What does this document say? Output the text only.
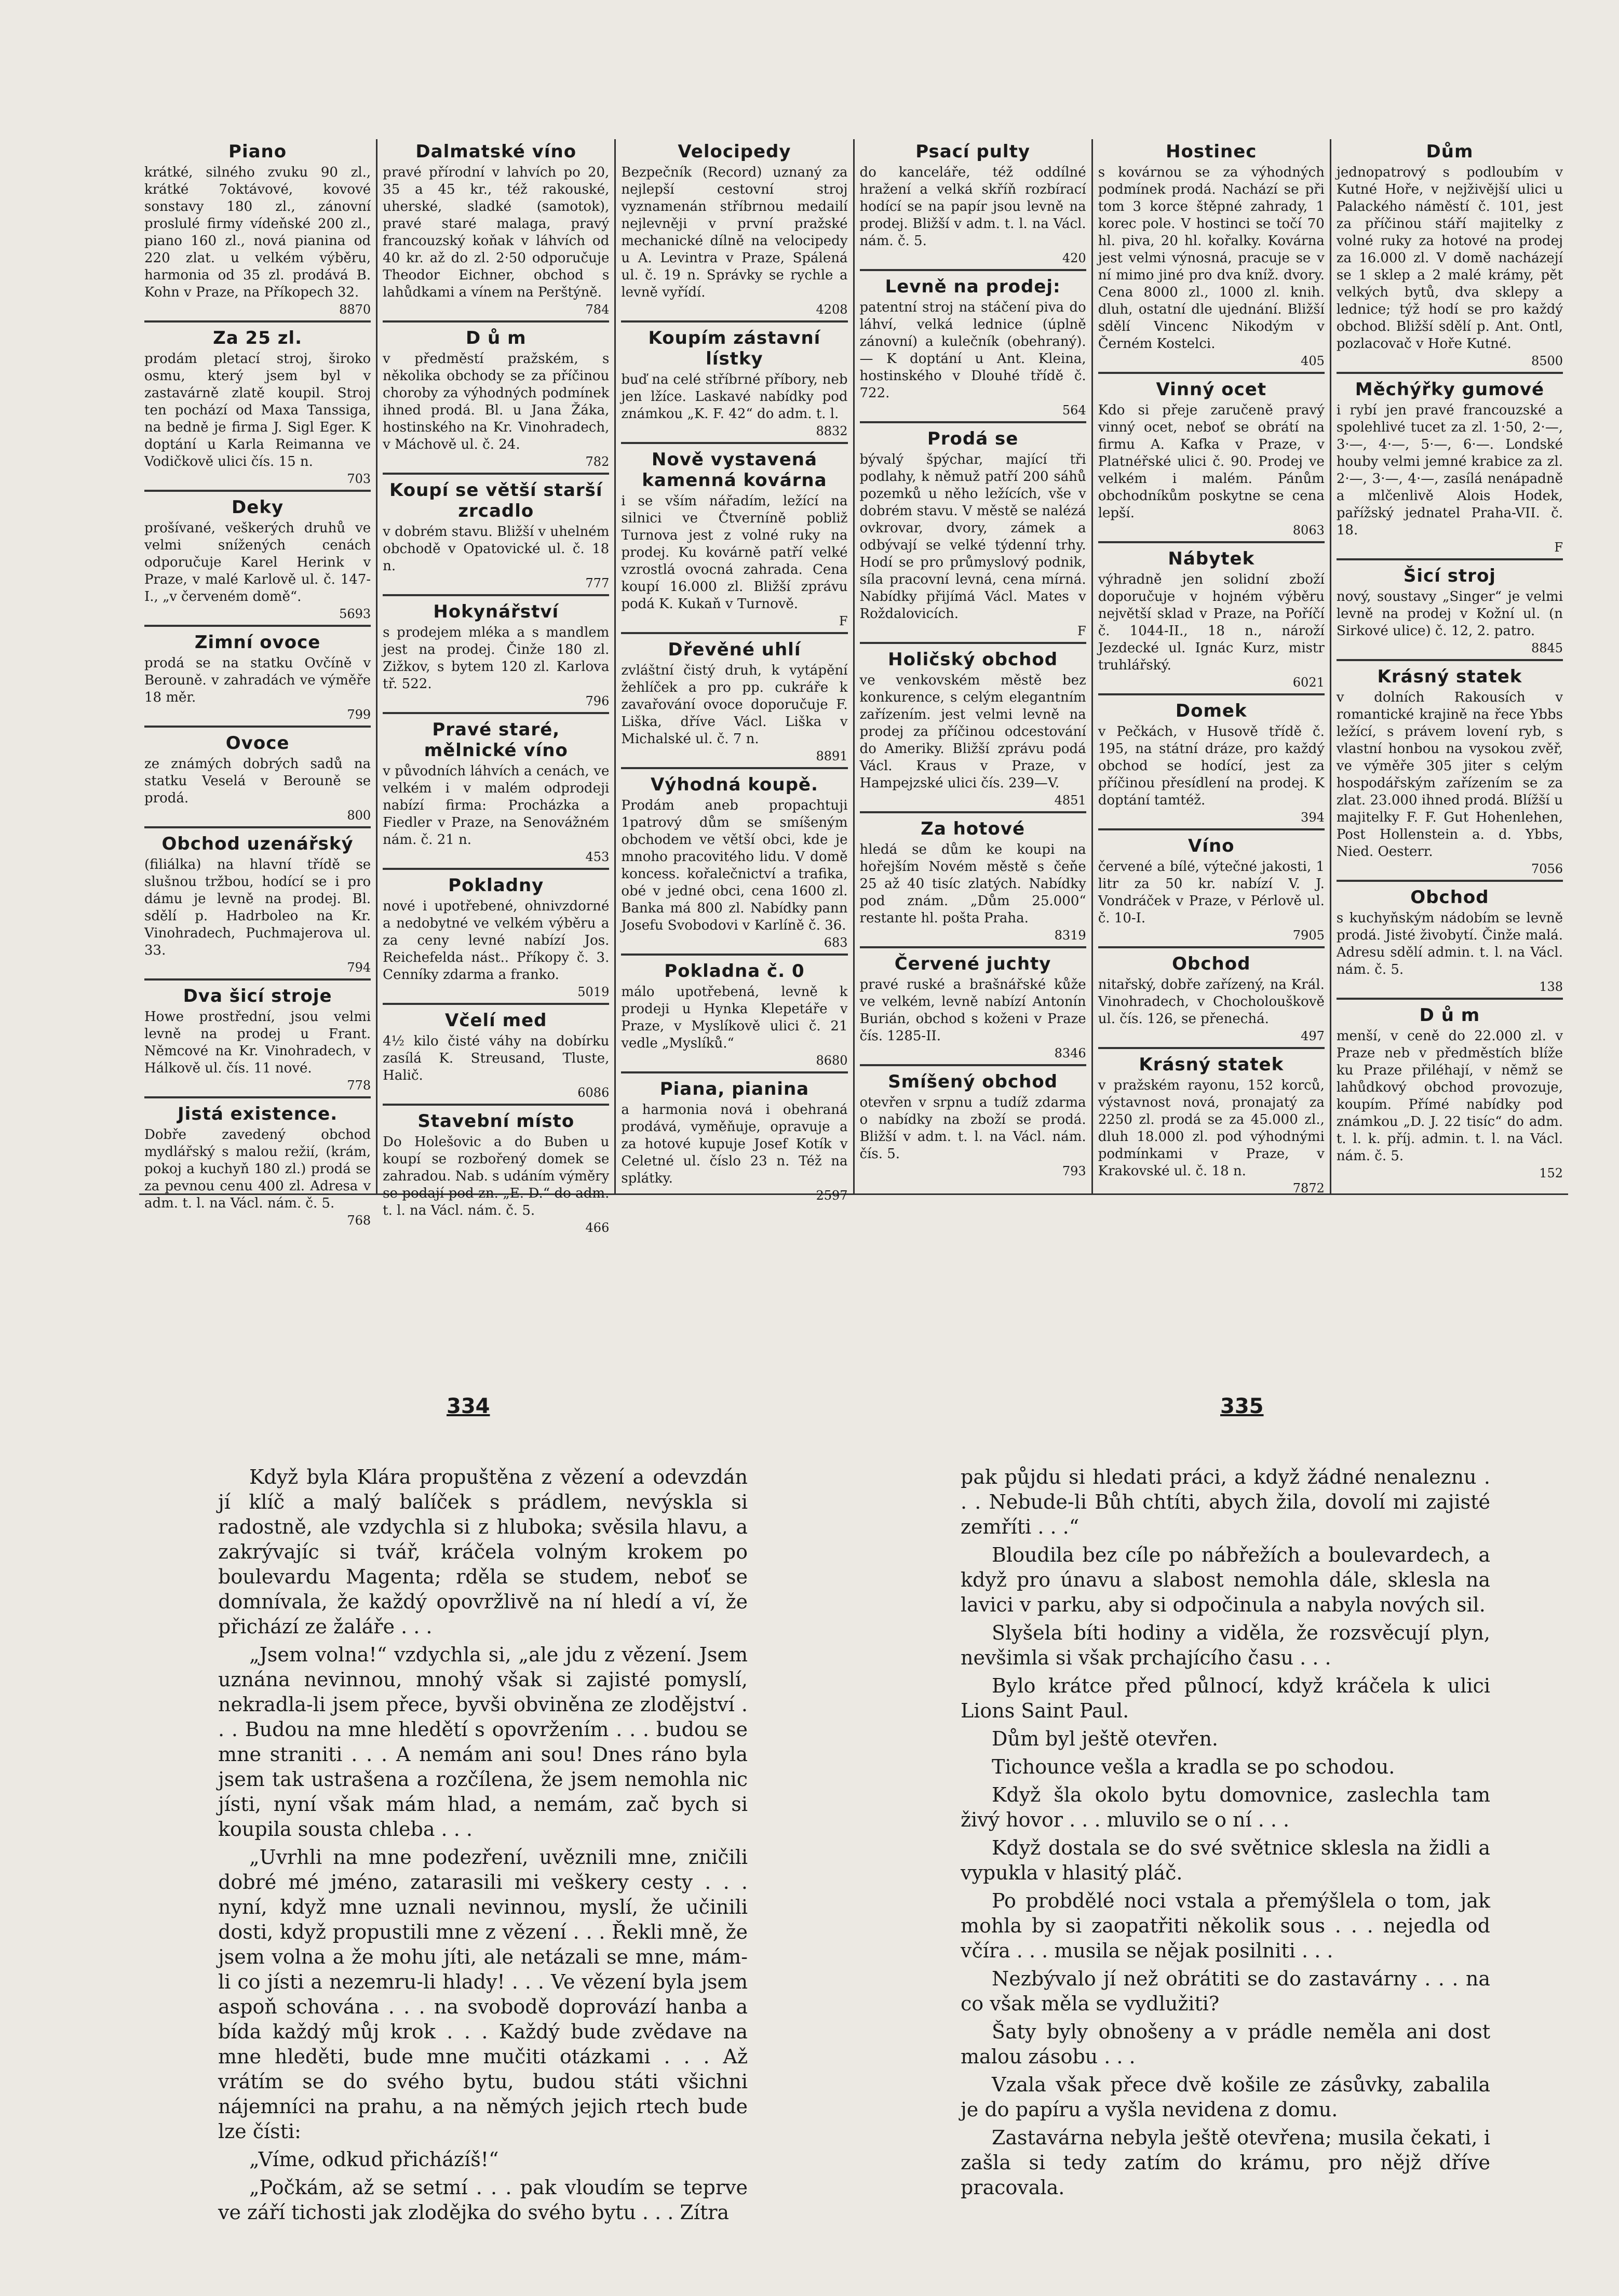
Piano

krátké, silného zvuku 90 zl., krátké 7oktávové, kovové sonstavy 180 zl., zánovní proslulé firmy vídeňské 200 zl., piano 160 zl., nová pianina od 220 zlat. u velkém výběru, harmonia od 35 zl. prodává B. Kohn v Praze, na Příkopech 32.
8870

Za 25 zl.

prodám pletací stroj, široko osmu, který jsem byl v zastavárně zlatě koupil. Stroj ten pochází od Maxa Tanssiga, na bedně je firma J. Sigl Eger. K doptání u Karla Reimanna ve Vodičkově ulici čís. 15 n.
703

Deky

prošívané, veškerých druhů ve velmi snížených cenách odporučuje Karel Herink v Praze, v malé Karlově ul. č. 147-I., „v červeném domě“.
5693

Zimní ovoce

prodá se na statku Ovčíně v Berouně. v zahradách ve výměře 18 měr.
799

Ovoce

ze známých dobrých sadů na statku Veselá v Berouně se prodá.
800

Obchod uzenářský

(filiálka) na hlavní třídě se slušnou tržbou, hodící se i pro dámu je levně na prodej. Bl. sdělí p. Hadrboleo na Kr. Vinohradech, Puchmajerova ul. 33.
794

Dva šicí stroje

Howe prostřední, jsou velmi levně na prodej u Frant. Němcové na Kr. Vinohradech, v Hálkově ul. čís. 11 nové.
778

Jistá existence.

Dobře zavedený obchod mydlářský s malou režií, (krám, pokoj a kuchyň 180 zl.) prodá se za pevnou cenu 400 zl. Adresa v adm. t. l. na Václ. nám. č. 5.
768

Dalmatské víno

pravé přírodní v lahvích po 20, 35 a 45 kr., též rakouské, uherské, sladké (samotok), pravé staré malaga, pravý francouzský koňak v láhvích od 40 kr. až do zl. 2·50 odporučuje Theodor Eichner, obchod s lahůdkami a vínem na Perštýně.
784

D ů m

v předměstí pražském, s několika obchody se za příčinou choroby za výhodných podmínek ihned prodá. Bl. u Jana Žáka, hostinského na Kr. Vinohradech, v Máchově ul. č. 24.
782

Koupí se větší starší zrcadlo

v dobrém stavu. Bližší v uhelném obchodě v Opatovické ul. č. 18 n.
777

Hokynářství

s prodejem mléka a s mandlem jest na prodej. Činže 180 zl. Zižkov, s bytem 120 zl. Karlova tř. 522.
796

Pravé staré, mělnické víno

v původních láhvích a cenách, ve velkém i v malém odprodeji nabízí firma: Procházka a Fiedler v Praze, na Senovážném nám. č. 21 n.
453

Pokladny

nové i upotřebené, ohnivzdorné a nedobytné ve velkém výběru a za ceny levné nabízí Jos. Reichefelda nást.. Příkopy č. 3. Cenníky zdarma a franko.
5019

Včelí med

4½ kilo čisté váhy na dobírku zasílá K. Streusand, Tluste, Halič.
6086

Stavební místo

Do Holešovic a do Buben u koupí se rozbořený domek se zahradou. Nab. s udáním výměry se podají pod zn. „E. D.“ do adm. t. l. na Václ. nám. č. 5.
466

Velocipedy

Bezpečník (Record) uznaný za nejlepší cestovní stroj vyznamenán stříbrnou medailí nejlevněji v první pražské mechanické dílně na velocipedy u A. Levintra v Praze, Spálená ul. č. 19 n. Správky se rychle a levně vyřídí.
4208

Koupím zástavní lístky

buď na celé stříbrné příbory, neb jen lžíce. Laskavé nabídky pod známkou „K. F. 42“ do adm. t. l.
8832

Nově vystavená kamenná kovárna

i se vším nářadím, ležící na silnici ve Čtverníně pobliž Turnova jest z volné ruky na prodej. Ku kovárně patří velké vzrostlá ovocná zahrada. Cena koupí 16.000 zl. Bližší zprávu podá K. Kukaň v Turnově.
F

Dřevěné uhlí

zvláštní čistý druh, k vytápění žehlíček a pro pp. cukráře k zavařování ovoce doporučuje F. Liška, dříve Václ. Liška v Michalské ul. č. 7 n.
8891

Výhodná koupě.

Prodám aneb propachtuji 1patrový dům se smíšeným obchodem ve větší obci, kde je mnoho pracovitého lidu. V domě koncess. kořalečnictví a trafika, obé v jedné obci, cena 1600 zl. Banka má 800 zl. Nabídky pann Josefu Svobodovi v Karlíně č. 36.
683

Pokladna č. 0

málo upotřebená, levně k prodeji u Hynka Klepetáře v Praze, v Myslíkově ulici č. 21 vedle „Myslíků.“
8680

Piana, pianina

a harmonia nová i obehraná prodává, vyměňuje, opravuje a za hotové kupuje Josef Kotík v Celetné ul. číslo 23 n. Též na splátky.
2597

Psací pulty

do kanceláře, též oddílné hražení a velká skříň rozbírací hodící se na papír jsou levně na prodej. Bližší v adm. t. l. na Václ. nám. č. 5.
420

Levně na prodej:

patentní stroj na stáčení piva do láhví, velká lednice (úplně zánovní) a kulečník (obehraný). — K doptání u Ant. Kleina, hostinského v Dlouhé třídě č. 722.
564

Prodá se

bývalý špýchar, mající tři podlahy, k němuž patří 200 sáhů pozemků u něho ležících, vše v dobrém stavu. V městě se nalézá ovkrovar, dvory, zámek a odbývají se velké týdenní trhy. Hodí se pro průmyslový podnik, síla pracovní levná, cena mírná. Nabídky přijímá Václ. Mates v Roždalovicích.
F

Holičský obchod

ve venkovském městě bez konkurence, s celým elegantním zařízením. jest velmi levně na prodej za příčinou odcestování do Ameriky. Bližší zprávu podá Václ. Kraus v Praze, v Hampejzské ulici čís. 239—V.
4851

Za hotové

hledá se dům ke koupi na hořejším Novém městě s čeňe 25 až 40 tisíc zlatých. Nabídky pod znám. „Dům 25.000“ restante hl. pošta Praha.
8319

Červené juchty

pravé ruské a brašnářské kůže ve velkém, levně nabízí Antonín Burián, obchod s koženi v Praze čís. 1285-II.
8346

Smíšený obchod

otevřen v srpnu a tudíž zdarma o nabídky na zboží se prodá. Bližší v adm. t. l. na Václ. nám. čís. 5.
793

Hostinec

s kovárnou se za výhodných podmínek prodá. Nachází se při tom 3 korce štěpné zahrady, 1 korec pole. V hostinci se točí 70 hl. piva, 20 hl. kořalky. Kovárna jest velmi výnosná, pracuje se v ní mimo jiné pro dva kníž. dvory. Cena 8000 zl., 1000 zl. knih. dluh, ostatní dle ujednání. Bližší sdělí Vincenc Nikodým v Černém Kostelci.
405

Vinný ocet

Kdo si přeje zaručeně pravý vinný ocet, neboť se obrátí na firmu A. Kafka v Praze, v Platnéřské ulici č. 90. Prodej ve velkém i malém. Pánům obchodníkům poskytne se cena lepší.
8063

Nábytek

výhradně jen solidní zboží doporučuje v hojném výběru největší sklad v Praze, na Poříčí č. 1044-II., 18 n., nároží Jezdecké ul. Ignác Kurz, mistr truhlářský.
6021

Domek

v Pečkách, v Husově třídě č. 195, na státní dráze, pro každý obchod se hodící, jest za příčinou přesídlení na prodej. K doptání tamtéž.
394

Víno

červené a bílé, výtečné jakosti, 1 litr za 50 kr. nabízí V. J. Vondráček v Praze, v Pérlově ul. č. 10-I.
7905

Obchod

nitařský, dobře zařízený, na Král. Vinohradech, v Chocholouškově ul. čís. 126, se přenechá.
497

Krásný statek

v pražském rayonu, 152 korců, výstavnost nová, pronajatý za 2250 zl. prodá se za 45.000 zl., dluh 18.000 zl. pod výhodnými podmínkami v Praze, v Krakovské ul. č. 18 n.
7872

Dům

jednopatrový s podloubím v Kutné Hoře, v nejživější ulici u Palackého náměstí č. 101, jest za příčinou stáří majitelky z volné ruky za hotové na prodej za 16.000 zl. V domě nacházejí se 1 sklep a 2 malé krámy, pět velkých bytů, dva sklepy a lednice; týž hodí se pro každý obchod. Bližší sdělí p. Ant. Ontl, pozlacovač v Hoře Kutné.
8500

Měchýřky gumové

i rybí jen pravé francouzské a spolehlivé tucet za zl. 1·50, 2·—, 3·—, 4·—, 5·—, 6·—. Londské houby velmi jemné krabice za zl. 2·—, 3·—, 4·—, zasílá nenápadně a mlčenlivě Alois Hodek, pařížský jednatel Praha-VII. č. 18.
F

Šicí stroj

nový, soustavy „Singer“ je velmi levně na prodej v Kožní ul. (n Sirkové ulice) č. 12, 2. patro.
8845

Krásný statek

v dolních Rakousích v romantické krajině na řece Ybbs ležící, s právem lovení ryb, s vlastní honbou na vysokou zvěř, ve výměře 305 jiter s celým hospodářským zařízením se za zlat. 23.000 ihned prodá. Blížší u majitelky F. F. Gut Hohenlehen, Post Hollenstein a. d. Ybbs, Nied. Oesterr.
7056

Obchod

s kuchyňským nádobím se levně prodá. Jisté živobytí. Činže malá. Adresu sdělí admin. t. l. na Václ. nám. č. 5.
138

D ů m

menší, v ceně do 22.000 zl. v Praze neb v předměstích blíže ku Praze přiléhají, v němž se lahůdkový obchod provozuje, koupím. Přímé nabídky pod známkou „D. J. 22 tisíc“ do adm. t. l. k. příj. admin. t. l. na Václ. nám. č. 5.
152

334	335

Když byla Klára propuštěna z vězení a odevzdán jí klíč a malý balíček s prádlem, nevýskla si radostně, ale vzdychla si z hluboka; svěsila hlavu, a zakrývajíc si tvář, kráčela volným krokem po boulevardu Magenta; rděla se studem, neboť se domnívala, že každý opovržlivě na ní hledí a ví, že přichází ze žaláře . . .

„Jsem volna!“ vzdychla si, „ale jdu z vězení. Jsem uznána nevinnou, mnohý však si zajisté pomyslí, nekradla-li jsem přece, byvši obviněna ze zlodějství . . . Budou na mne hledětí s opovržením . . . budou se mne straniti . . . A nemám ani sou! Dnes ráno byla jsem tak ustrašena a rozčílena, že jsem nemohla nic jísti, nyní však mám hlad, a nemám, zač bych si koupila sousta chleba . . .

„Uvrhli na mne podezření, uvěznili mne, zničili dobré mé jméno, zatarasili mi veškery cesty . . . nyní, když mne uznali nevinnou, myslí, že učinili dosti, když propustili mne z vězení . . . Řekli mně, že jsem volna a že mohu jíti, ale netázali se mne, mám-li co jísti a nezemru-li hlady! . . . Ve vězení byla jsem aspoň schována . . . na svobodě doprovází hanba a bída každý můj krok . . . Každý bude zvědave na mne hleděti, bude mne mučiti otázkami . . . Až vrátím se do svého bytu, budou státi všichni nájemníci na prahu, a na němých jejich rtech bude lze čísti:

„Víme, odkud přicházíš!“

„Počkám, až se setmí . . . pak vloudím se teprve ve září tichosti jak zlodějka do svého bytu . . . Zítra

pak půjdu si hledati práci, a když žádné nenaleznu . . . Nebude-li Bůh chtíti, abych žila, dovolí mi zajisté zemříti . . .“

Bloudila bez cíle po nábřežích a boulevardech, a když pro únavu a slabost nemohla dále, sklesla na lavici v parku, aby si odpočinula a nabyla nových sil.

Slyšela bíti hodiny a viděla, že rozsvěcují plyn, nevšimla si však prchajícího času . . .

Bylo krátce před půlnocí, když kráčela k ulici Lions Saint Paul.

Dům byl ještě otevřen.

Tichounce vešla a kradla se po schodou.

Když šla okolo bytu domovnice, zaslechla tam živý hovor . . . mluvilo se o ní . . .

Když dostala se do své světnice sklesla na židli a vypukla v hlasitý pláč.

Po probdělé noci vstala a přemýšlela o tom, jak mohla by si zaopatřiti několik sous . . . nejedla od včíra . . . musila se nějak posilniti . . .

Nezbývalo jí než obrátiti se do zastavárny . . . na co však měla se vydlužiti?

Šaty byly obnošeny a v prádle neměla ani dost malou zásobu . . .

Vzala však přece dvě košile ze zásůvky, zabalila je do papíru a vyšla nevidena z domu.

Zastavárna nebyla ještě otevřena; musila čekati, i zašla si tedy zatím do krámu, pro nějž dříve pracovala.
